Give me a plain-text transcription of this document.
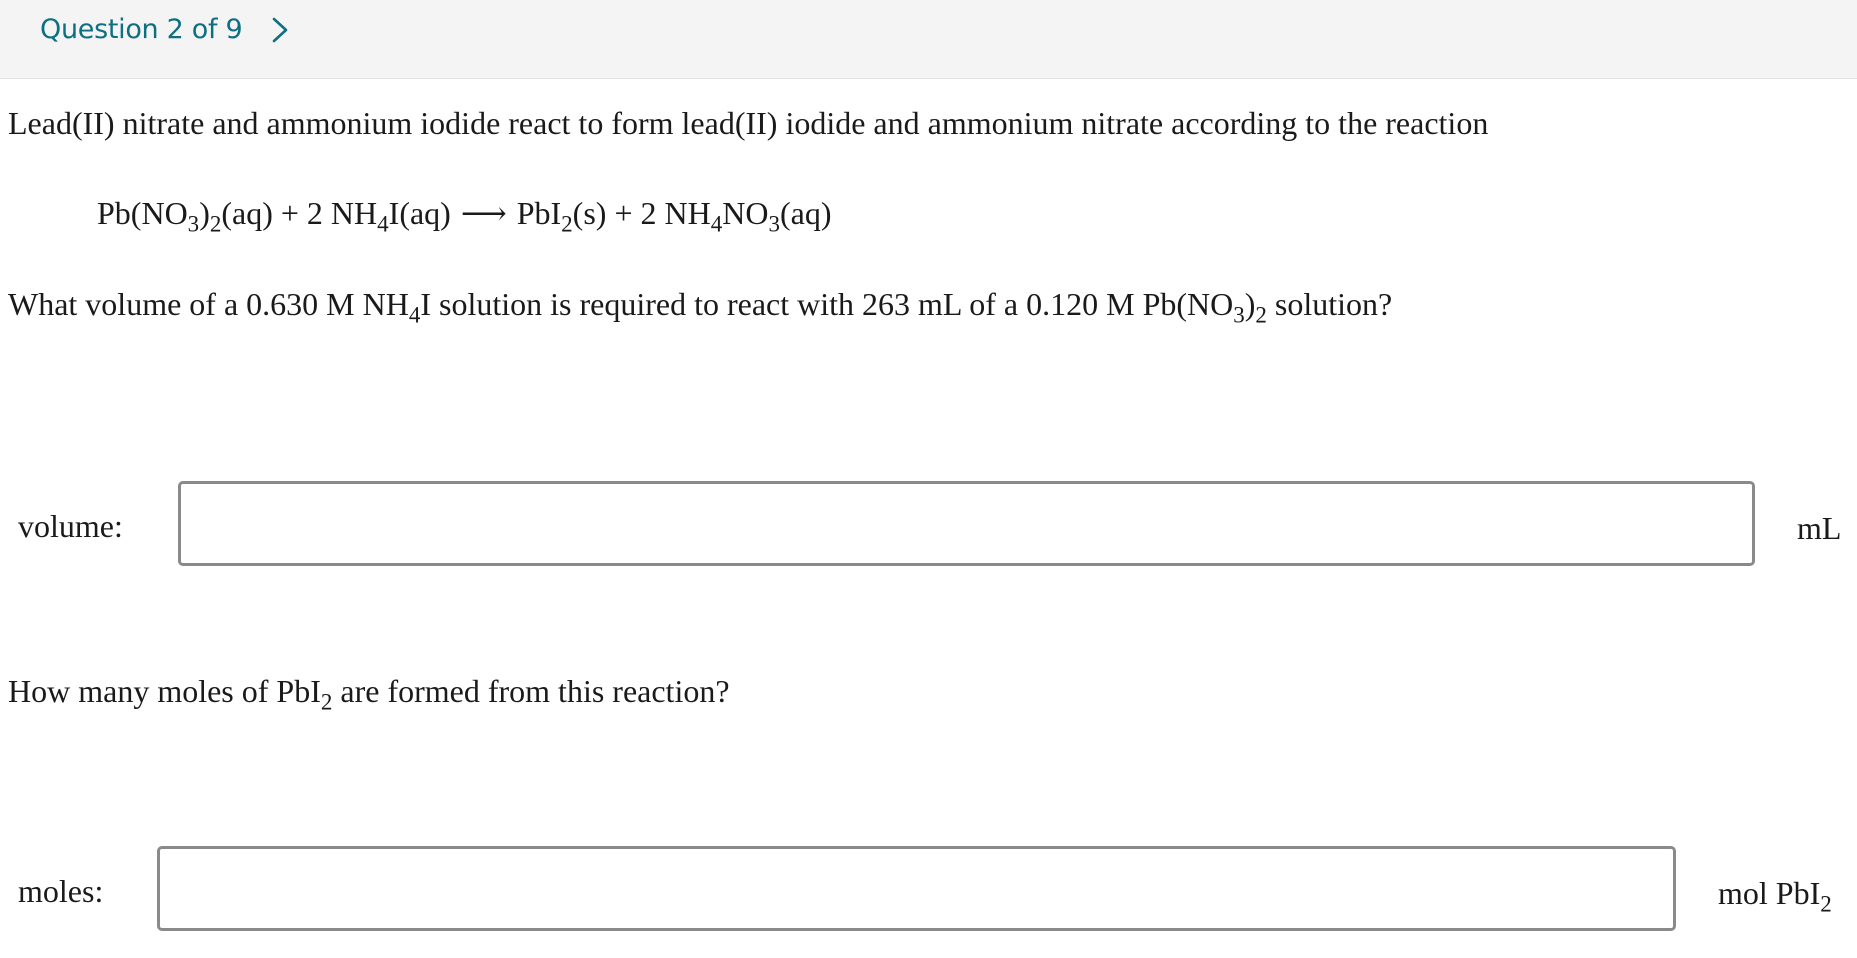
Question 2 of 9
Lead(II) nitrate and ammonium iodide react to form lead(II) iodide and ammonium nitrate according to the reaction
$Pb(NO_3)_2(aq) + 2$ $NH_4I(aq)$ ⟶ PbI$_2$(s) + 2 $NH_4NO_3(aq)$
What volume of a 0.630 M $NH_4I$ solution is required to react with 263 mL of a 0.120 M $Pb(NO_3)_2$ solution?
volume:	mL
How many moles of PbI$_2$ are formed from this reaction?
moles:	mol PbI$_2$
